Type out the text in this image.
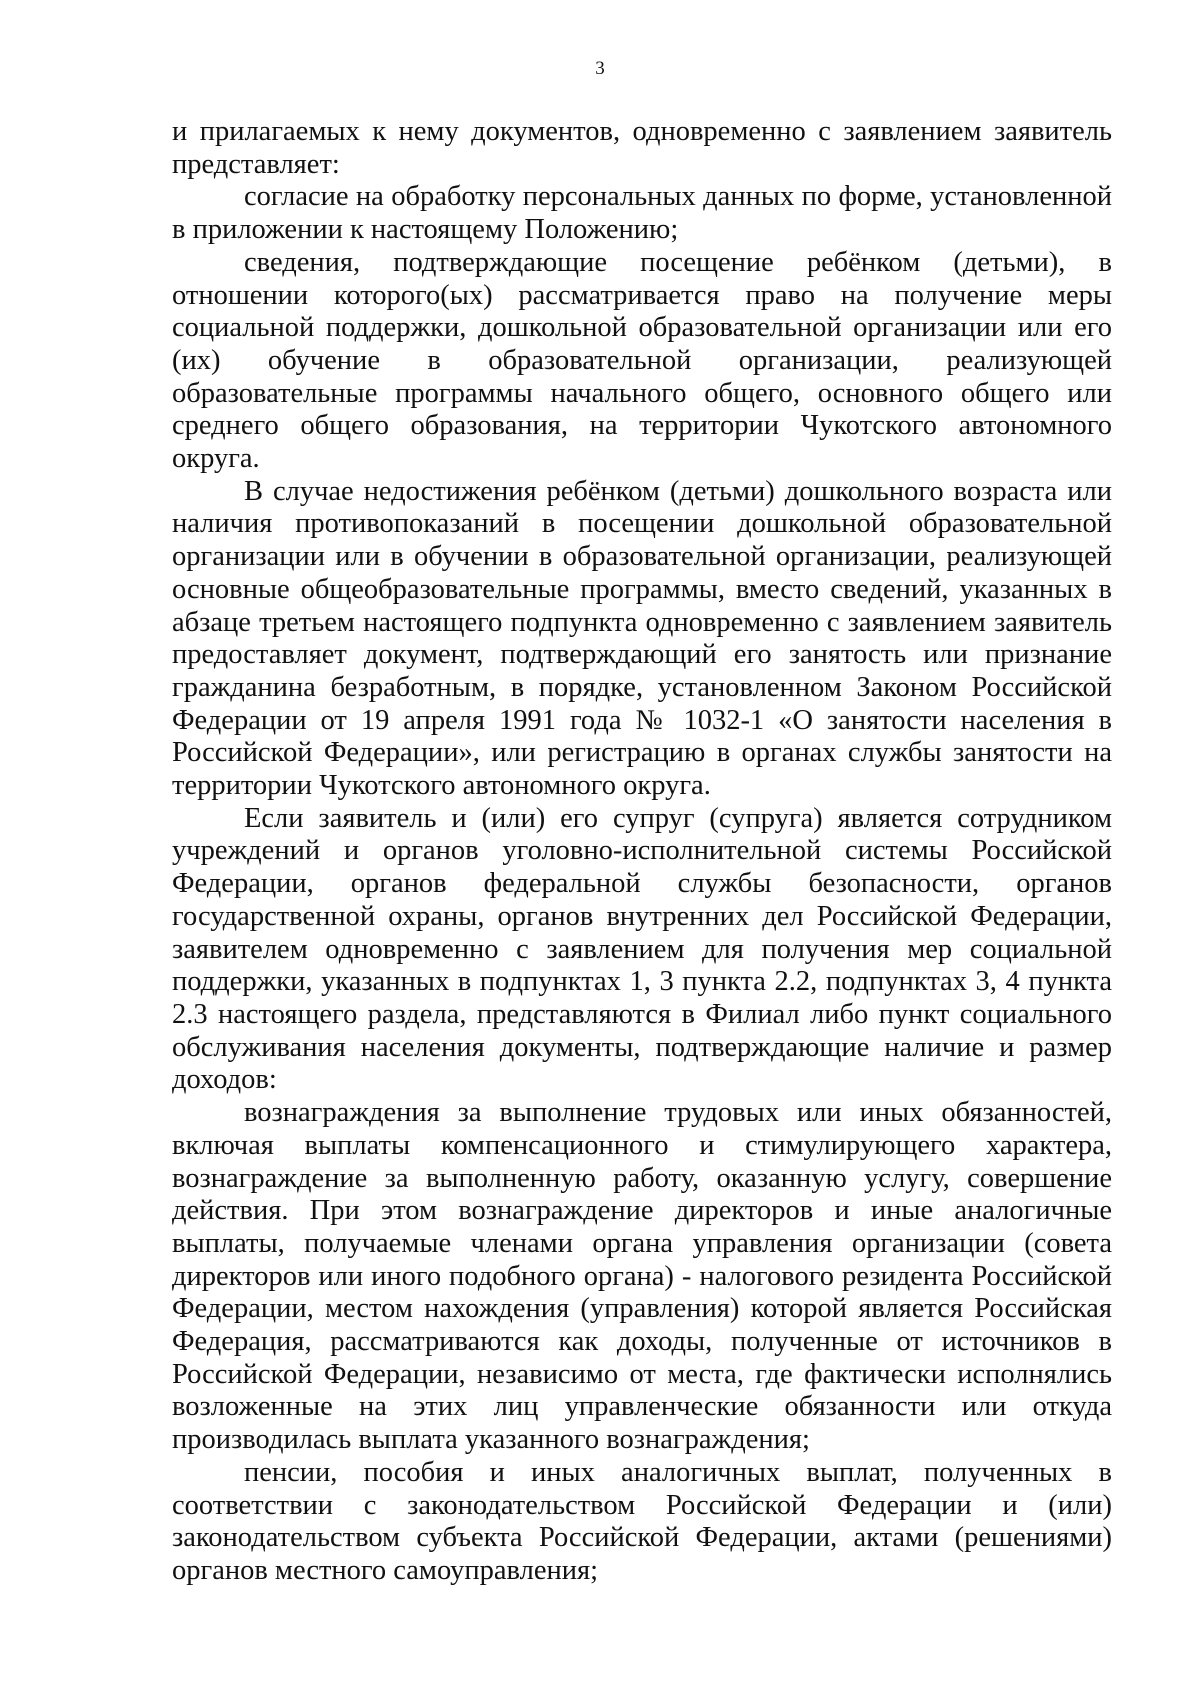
3

и прилагаемых к нему документов, одновременно с заявлением заявитель представляет:

согласие на обработку персональных данных по форме, установленной в приложении к настоящему Положению;

сведения, подтверждающие посещение ребёнком (детьми), в отношении которого(ых) рассматривается право на получение меры социальной поддержки, дошкольной образовательной организации или его (их) обучение в образовательной организации, реализующей образовательные программы начального общего, основного общего или среднего общего образования, на территории Чукотского автономного округа.

В случае недостижения ребёнком (детьми) дошкольного возраста или наличия противопоказаний в посещении дошкольной образовательной организации или в обучении в образовательной организации, реализующей основные общеобразовательные программы, вместо сведений, указанных в абзаце третьем настоящего подпункта одновременно с заявлением заявитель предоставляет документ, подтверждающий его занятость или признание гражданина безработным, в порядке, установленном Законом Российской Федерации от 19 апреля 1991 года № 1032-1 «О занятости населения в Российской Федерации», или регистрацию в органах службы занятости на территории Чукотского автономного округа.

Если заявитель и (или) его супруг (супруга) является сотрудником учреждений и органов уголовно-исполнительной системы Российской Федерации, органов федеральной службы безопасности, органов государственной охраны, органов внутренних дел Российской Федерации, заявителем одновременно с заявлением для получения мер социальной поддержки, указанных в подпунктах 1, 3 пункта 2.2, подпунктах 3, 4 пункта 2.3 настоящего раздела, представляются в Филиал либо пункт социального обслуживания населения документы, подтверждающие наличие и размер доходов:

вознаграждения за выполнение трудовых или иных обязанностей, включая выплаты компенсационного и стимулирующего характера, вознаграждение за выполненную работу, оказанную услугу, совершение действия. При этом вознаграждение директоров и иные аналогичные выплаты, получаемые членами органа управления организации (совета директоров или иного подобного органа) - налогового резидента Российской Федерации, местом нахождения (управления) которой является Российская Федерация, рассматриваются как доходы, полученные от источников в Российской Федерации, независимо от места, где фактически исполнялись возложенные на этих лиц управленческие обязанности или откуда производилась выплата указанного вознаграждения;

пенсии, пособия и иных аналогичных выплат, полученных в соответствии с законодательством Российской Федерации и (или) законодательством субъекта Российской Федерации, актами (решениями) органов местного самоуправления;
